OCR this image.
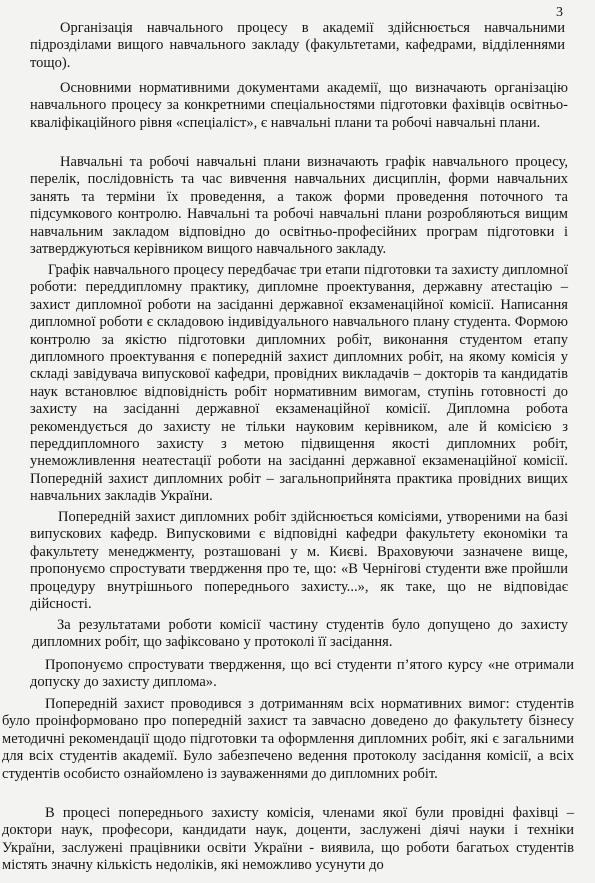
3

Організація навчального процесу в академії здійснюється навчальними підрозділами вищого навчального закладу (факультетами, кафедрами, відділеннями тощо).

Основними нормативними документами академії, що визначають організацію навчального процесу за конкретними спеціальностями підготовки фахівців освітньо-кваліфікаційного рівня «спеціаліст», є навчальні плани та робочі навчальні плани.

Навчальні та робочі навчальні плани визначають графік навчального процесу, перелік, послідовність та час вивчення навчальних дисциплін, форми навчальних занять та терміни їх проведення, а також форми проведення поточного та підсумкового контролю. Навчальні та робочі навчальні плани розробляються вищим навчальним закладом відповідно до освітньо-професійних програм підготовки і затверджуються керівником вищого навчального закладу.

Графік навчального процесу передбачає три етапи підготовки та захисту дипломної роботи: переддипломну практику, дипломне проектування, державну атестацію – захист дипломної роботи на засіданні державної екзаменаційної комісії. Написання дипломної роботи є складовою індивідуального навчального плану студента. Формою контролю за якістю підготовки дипломних робіт, виконання студентом етапу дипломного проектування є попередній захист дипломних робіт, на якому комісія у складі завідувача випускової кафедри, провідних викладачів – докторів та кандидатів наук встановлює відповідність робіт нормативним вимогам, ступінь готовності до захисту на засіданні державної екзаменаційної комісії. Дипломна робота рекомендується до захисту не тільки науковим керівником, але й комісією з переддипломного захисту з метою підвищення якості дипломних робіт, унеможливлення неатестації роботи на засіданні державної екзаменаційної комісії. Попередній захист дипломних робіт – загальноприйнята практика провідних вищих навчальних закладів України.

Попередній захист дипломних робіт здійснюється комісіями, утвореними на базі випускових кафедр. Випусковими є відповідні кафедри факультету економіки та факультету менеджменту, розташовані у м. Києві. Враховуючи зазначене вище, пропонуємо спростувати твердження про те, що: «В Чернігові студенти вже пройшли процедуру внутрішнього попереднього захисту...», як таке, що не відповідає дійсності.

За результатами роботи комісії частину студентів було допущено до захисту дипломних робіт, що зафіксовано у протоколі її засідання.

Пропонуємо спростувати твердження, що всі студенти п’ятого курсу «не отримали допуску до захисту диплома».

Попередній захист проводився з дотриманням всіх нормативних вимог: студентів було проінформовано про попередній захист та завчасно доведено до факультету бізнесу методичні рекомендації щодо підготовки та оформлення дипломних робіт, які є загальними для всіх студентів академії. Було забезпечено ведення протоколу засідання комісії, а всіх студентів особисто ознайомлено із зауваженнями до дипломних робіт.

В процесі попереднього захисту комісія, членами якої були провідні фахівці – доктори наук, професори, кандидати наук, доценти, заслужені діячі науки і техніки України, заслужені працівники освіти України - виявила, що роботи багатьох студентів містять значну кількість недоліків, які неможливо усунути до
